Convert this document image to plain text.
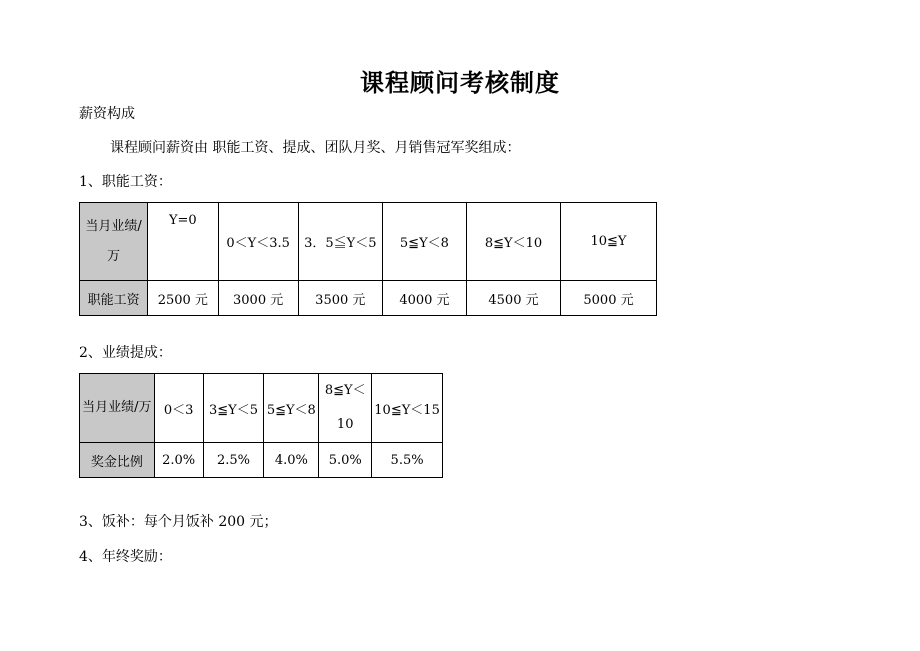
课程顾问考核制度
薪资构成
课程顾问薪资由 职能工资、提成、团队月奖、月销售冠军奖组成：
1、职能工资：
当月业绩/万	Y=0	0＜Y＜3.5	3．5≦Y＜5	5≦Y＜8	8≦Y＜10	10≦Y
职能工资	2500 元	3000 元	3500 元	4000 元	4500 元	5000 元
2、业绩提成：
当月业绩/万	0＜3	3≦Y＜5	5≦Y＜8	8≦Y＜10	10≦Y＜15
奖金比例	2.0%	2.5%	4.0%	5.0%	5.5%
3、饭补：每个月饭补 200 元；
4、年终奖励：
